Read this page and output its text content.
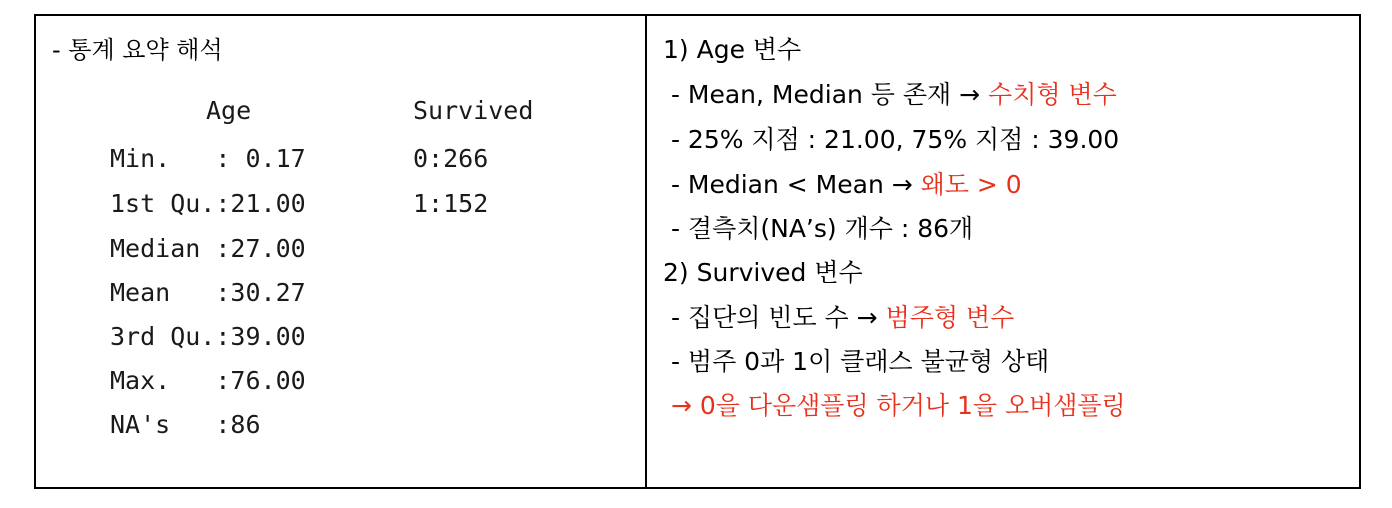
- 통계 요약 해석
Age	Survived
Min.   : 0.17
1st Qu.:21.00
Median :27.00
Mean   :30.27
3rd Qu.:39.00
Max.   :76.00
NA's   :86
0:266
1:152
1) Age 변수
- Mean, Median 등 존재 → 수치형 변수
- 25% 지점 : 21.00, 75% 지점 : 39.00
- Median < Mean → 왜도 > 0
- 결측치(NA’s) 개수 : 86개
2) Survived 변수
- 집단의 빈도 수 → 범주형 변수
- 범주 0과 1이 클래스 불균형 상태
→ 0을 다운샘플링 하거나 1을 오버샘플링
